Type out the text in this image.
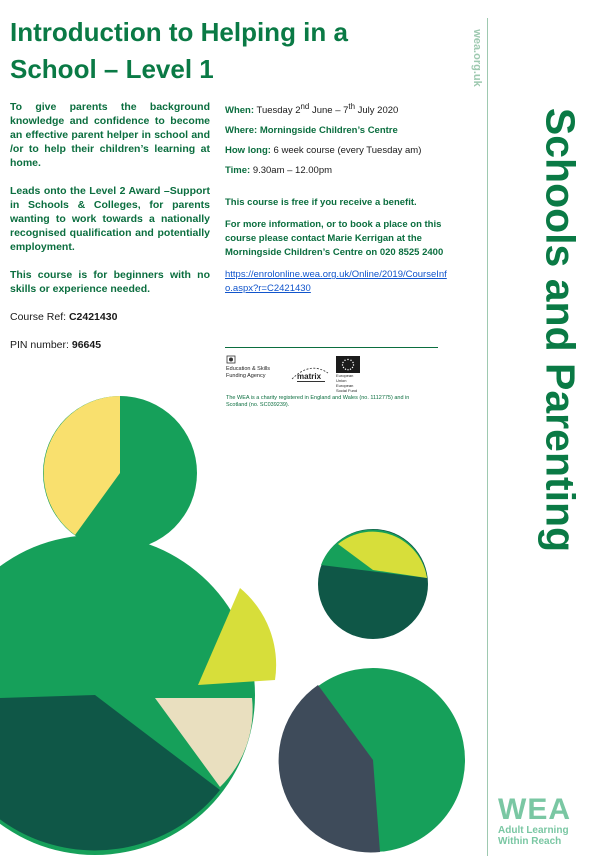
Introduction to Helping in a School – Level 1

To give parents the background knowledge and confidence to become an effective parent helper in school and /or to help their children’s learning at home.

Leads onto the Level 2 Award –Support in Schools & Colleges, for parents wanting to work towards a nationally recognised qualification and potentially employment.

This course is for beginners with no skills or experience needed.

Course Ref: C2421430

PIN number: 96645

When: Tuesday 2nd June – 7th July 2020
Where: Morningside Children’s Centre
How long: 6 week course (every Tuesday am)
Time: 9.30am – 12.00pm
This course is free if you receive a benefit.
For more information, or to book a place on this course please contact Marie Kerrigan at the Morningside Children’s Centre on 020 8525 2400
https://enrolonline.wea.org.uk/Online/2019/CourseInfo.aspx?r=C2421430
Education & Skills
Funding Agency	matrix	European Union
European Social Fund
The WEA is a charity registered in England and Wales (no. 1112775) and in Scotland (no. SC039239).
wea.org.uk
Schools and Parenting
WEA
Adult Learning
Within Reach
